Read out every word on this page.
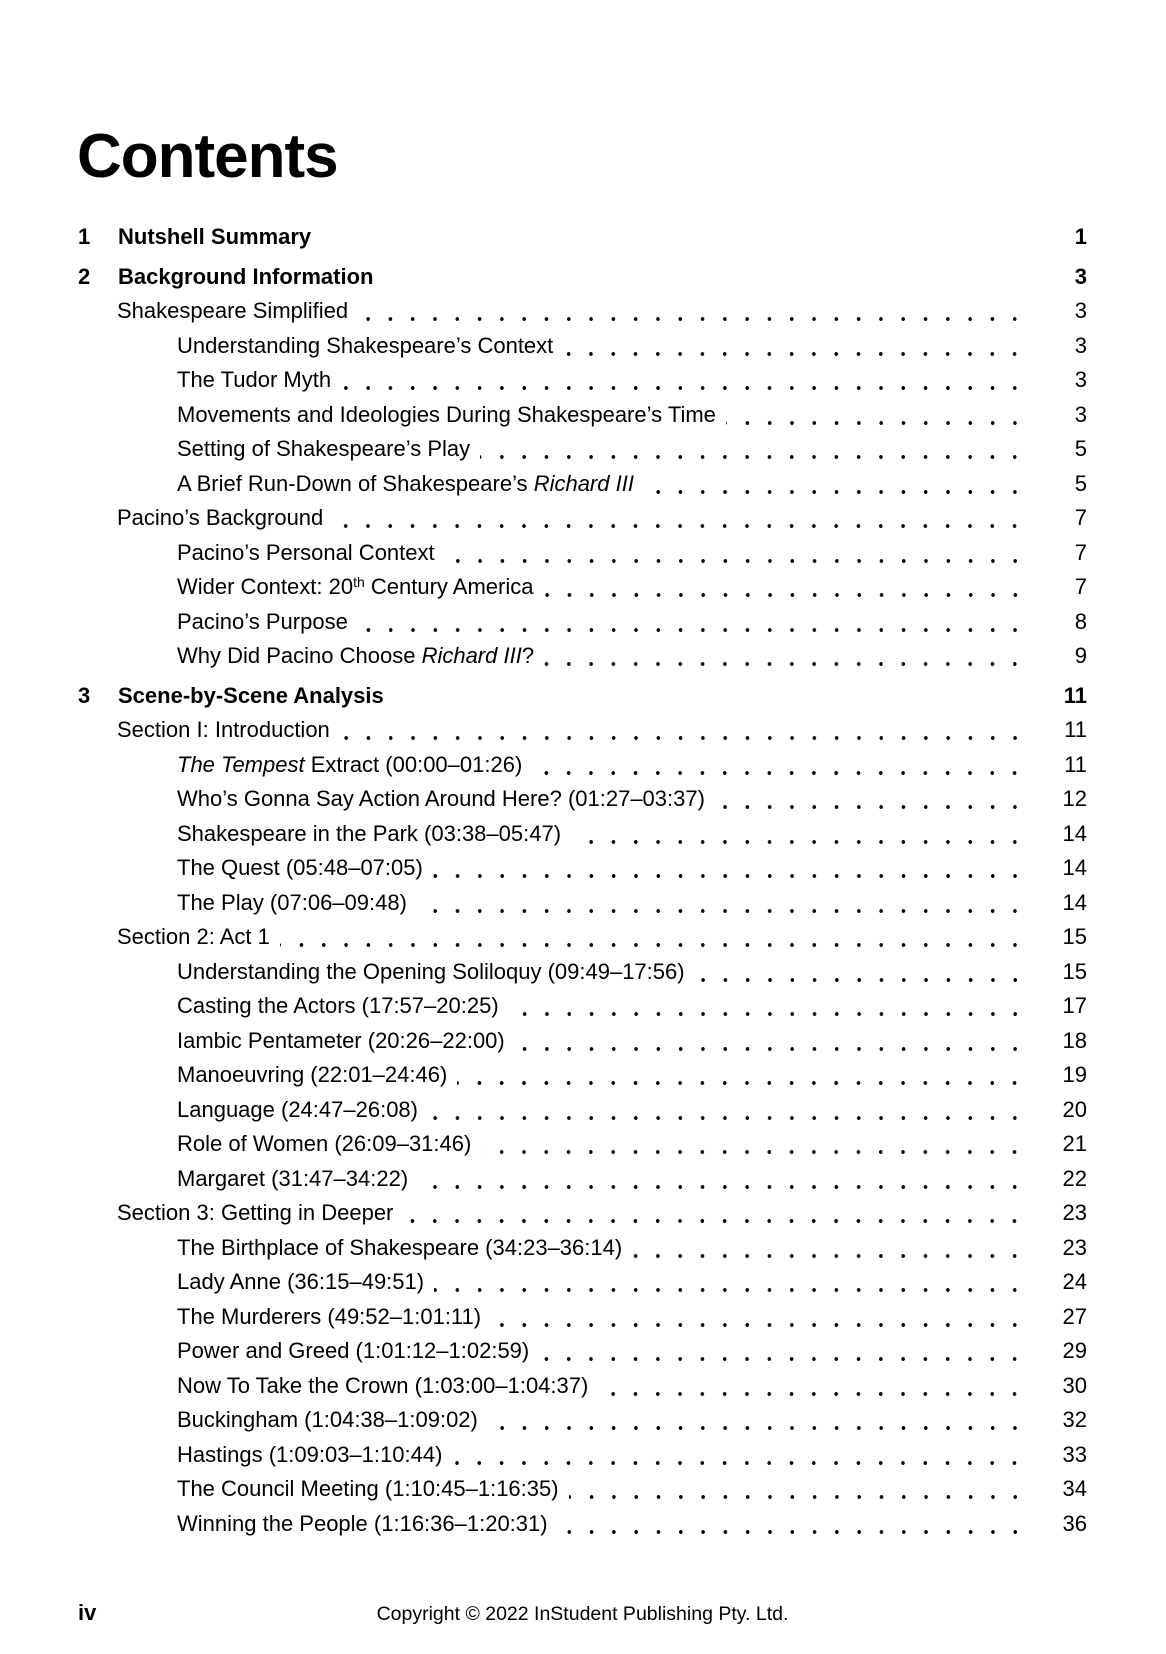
Contents
1	Nutshell Summary	1
2	Background Information	3
Shakespeare Simplified	3
Understanding Shakespeare’s Context	3
The Tudor Myth	3
Movements and Ideologies During Shakespeare’s Time	3
Setting of Shakespeare’s Play	5
A Brief Run-Down of Shakespeare’s Richard III	5
Pacino’s Background	7
Pacino’s Personal Context	7
Wider Context: 20th Century America	7
Pacino’s Purpose	8
Why Did Pacino Choose Richard III?	9
3	Scene-by-Scene Analysis	11
Section I: Introduction	11
The Tempest Extract (00:00–01:26)	11
Who’s Gonna Say Action Around Here? (01:27–03:37)	12
Shakespeare in the Park (03:38–05:47)	14
The Quest (05:48–07:05)	14
The Play (07:06–09:48)	14
Section 2: Act 1	15
Understanding the Opening Soliloquy (09:49–17:56)	15
Casting the Actors (17:57–20:25)	17
Iambic Pentameter (20:26–22:00)	18
Manoeuvring (22:01–24:46)	19
Language (24:47–26:08)	20
Role of Women (26:09–31:46)	21
Margaret (31:47–34:22)	22
Section 3: Getting in Deeper	23
The Birthplace of Shakespeare (34:23–36:14)	23
Lady Anne (36:15–49:51)	24
The Murderers (49:52–1:01:11)	27
Power and Greed (1:01:12–1:02:59)	29
Now To Take the Crown (1:03:00–1:04:37)	30
Buckingham (1:04:38–1:09:02)	32
Hastings (1:09:03–1:10:44)	33
The Council Meeting (1:10:45–1:16:35)	34
Winning the People (1:16:36–1:20:31)	36
iv	Copyright © 2022 InStudent Publishing Pty. Ltd.
